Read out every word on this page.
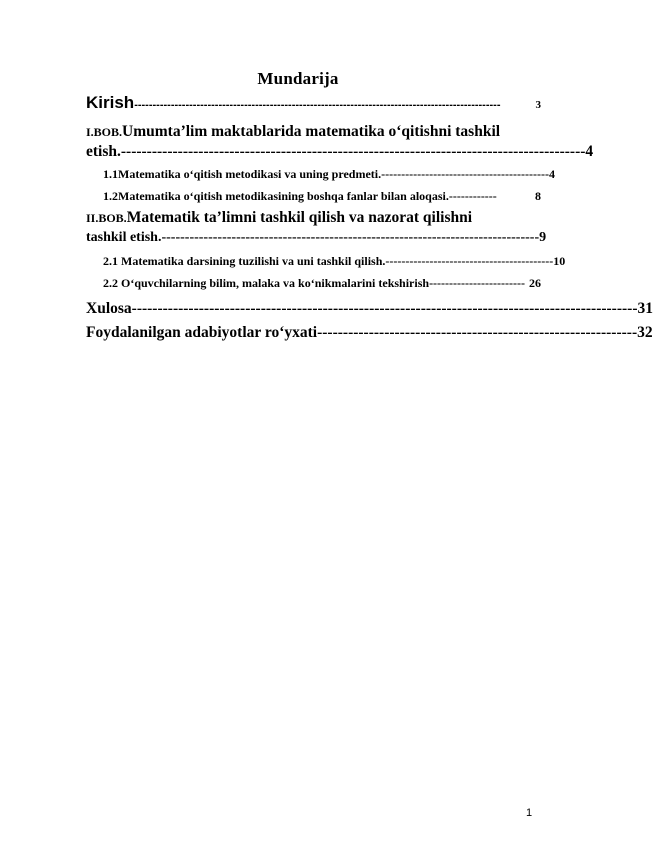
Mundarija
Kirish ----------------------------------------------------------------------------------------------------	3
I.BOB.Umumta’lim maktablarida matematika o‘qitishni tashkil
etish. ------------------------------------------------------------------------------------------ 4
1.1Matematika o‘qitish metodikasi va uning predmeti. ------------------------------------------ 4
1.2Matematika o‘qitish metodikasining boshqa fanlar bilan aloqasi. ------------	8
II.BOB.Matematik ta’limni tashkil qilish va nazorat qilishni
tashkil etish. --------------------------------------------------------------------------------- 9
2.1 Matematika darsining tuzilishi va uni tashkil qilish. ------------------------------------------ 10
2.2 O‘quvchilarning bilim, malaka va ko‘nikmalarini tekshirish ------------------------ 26
Xulosa -------------------------------------------------------------------------------------------------- 31
Foydalanilgan adabiyotlar ro‘yxati -------------------------------------------------------------- 32
1
